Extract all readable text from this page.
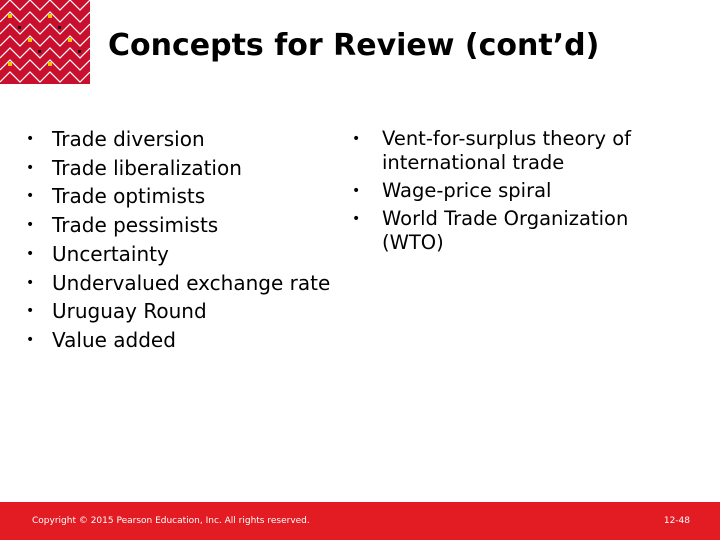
Concepts for Review (cont’d)
• Trade diversion
• Trade liberalization
• Trade optimists
• Trade pessimists
• Uncertainty
• Undervalued exchange rate
• Uruguay Round
• Value added
• Vent-for-surplus theory of international trade
• Wage-price spiral
• World Trade Organization (WTO)
Copyright © 2015 Pearson Education, Inc. All rights reserved.	12-48
